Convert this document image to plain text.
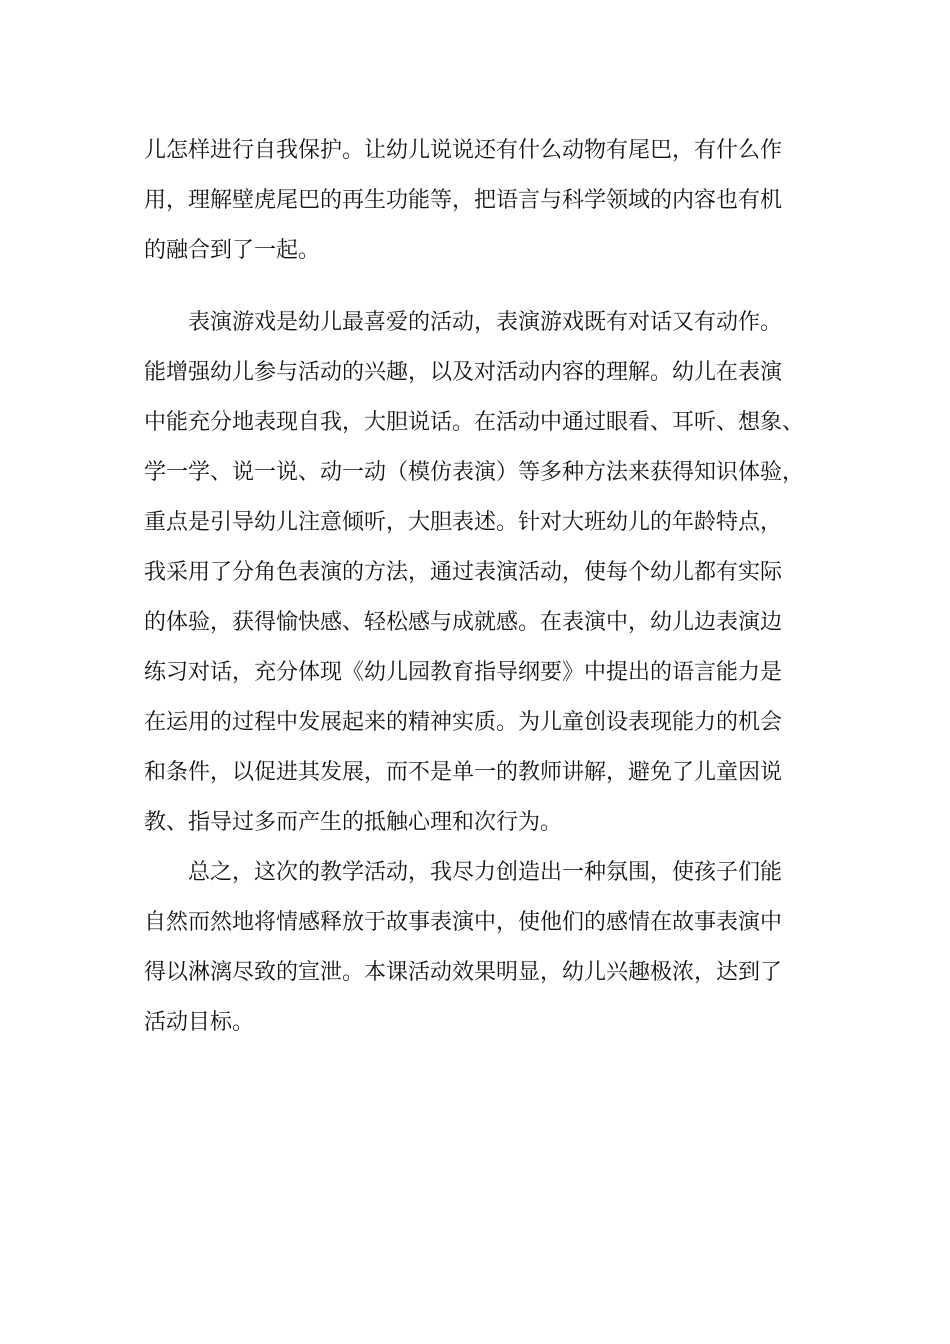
儿怎样进行自我保护。让幼儿说说还有什么动物有尾巴，有什么作

用，理解壁虎尾巴的再生功能等，把语言与科学领域的内容也有机

的融合到了一起。

表演游戏是幼儿最喜爱的活动，表演游戏既有对话又有动作。

能增强幼儿参与活动的兴趣，以及对活动内容的理解。幼儿在表演

中能充分地表现自我，大胆说话。在活动中通过眼看、耳听、想象、

学一学、说一说、动一动（模仿表演）等多种方法来获得知识体验，

重点是引导幼儿注意倾听，大胆表述。针对大班幼儿的年龄特点，

我采用了分角色表演的方法，通过表演活动，使每个幼儿都有实际

的体验，获得愉快感、轻松感与成就感。在表演中，幼儿边表演边

练习对话，充分体现《幼儿园教育指导纲要》中提出的语言能力是

在运用的过程中发展起来的精神实质。为儿童创设表现能力的机会

和条件，以促进其发展，而不是单一的教师讲解，避免了儿童因说

教、指导过多而产生的抵触心理和次行为。

总之，这次的教学活动，我尽力创造出一种氛围，使孩子们能

自然而然地将情感释放于故事表演中，使他们的感情在故事表演中

得以淋漓尽致的宣泄。本课活动效果明显，幼儿兴趣极浓，达到了

活动目标。
